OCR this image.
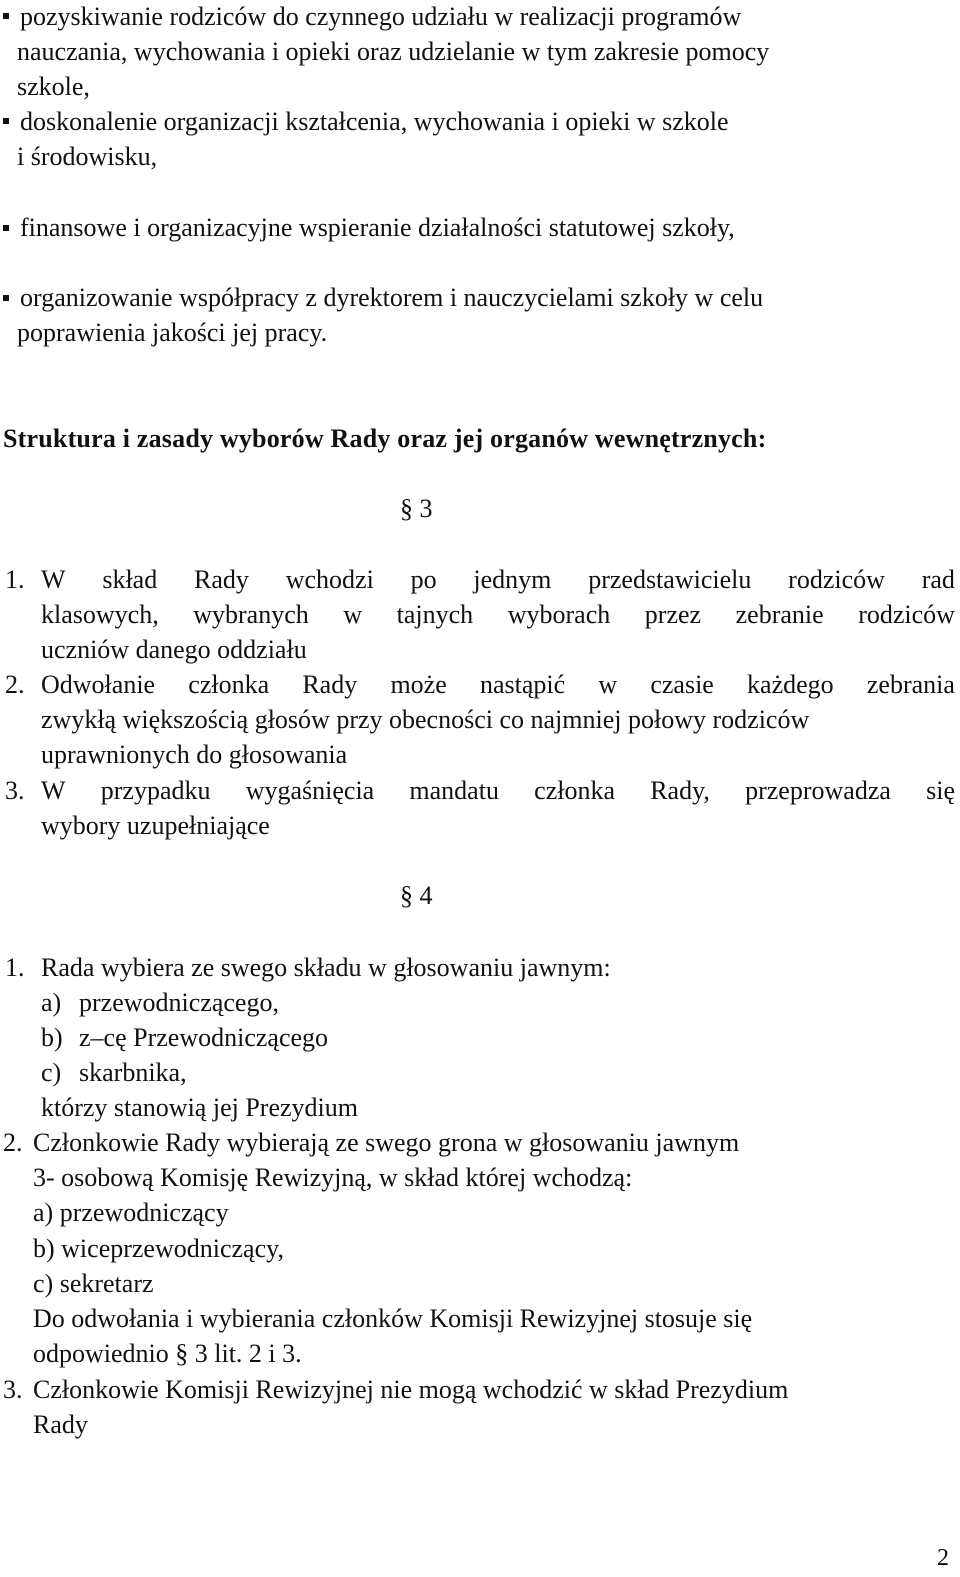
pozyskiwanie rodziców do czynnego udziału w realizacji programów
nauczania, wychowania i opieki oraz udzielanie w tym zakresie pomocy
szkole,
doskonalenie organizacji kształcenia, wychowania i opieki w szkole
i środowisku,
finansowe i organizacyjne wspieranie działalności statutowej szkoły,
organizowanie współpracy z dyrektorem i nauczycielami szkoły w celu
poprawienia jakości jej pracy.
Struktura i zasady wyborów Rady oraz jej organów wewnętrznych:
§ 3
1. W skład Rady wchodzi po jednym przedstawicielu rodziców rad
klasowych, wybranych w tajnych wyborach przez zebranie rodziców
uczniów danego oddziału
2. Odwołanie członka Rady może nastąpić w czasie każdego zebrania
zwykłą większością głosów przy obecności co najmniej połowy rodziców
uprawnionych do głosowania
3. W przypadku wygaśnięcia mandatu członka Rady, przeprowadza się
wybory uzupełniające
§ 4
1. Rada wybiera ze swego składu w głosowaniu jawnym:
a) przewodniczącego,
b) z–cę Przewodniczącego
c) skarbnika,
którzy stanowią jej Prezydium
2. Członkowie Rady wybierają ze swego grona w głosowaniu jawnym
3- osobową Komisję Rewizyjną, w skład której wchodzą:
a) przewodniczący
b) wiceprzewodniczący,
c) sekretarz
Do odwołania i wybierania członków Komisji Rewizyjnej stosuje się
odpowiednio § 3 lit. 2 i 3.
3. Członkowie Komisji Rewizyjnej nie mogą wchodzić w skład Prezydium
Rady
2
